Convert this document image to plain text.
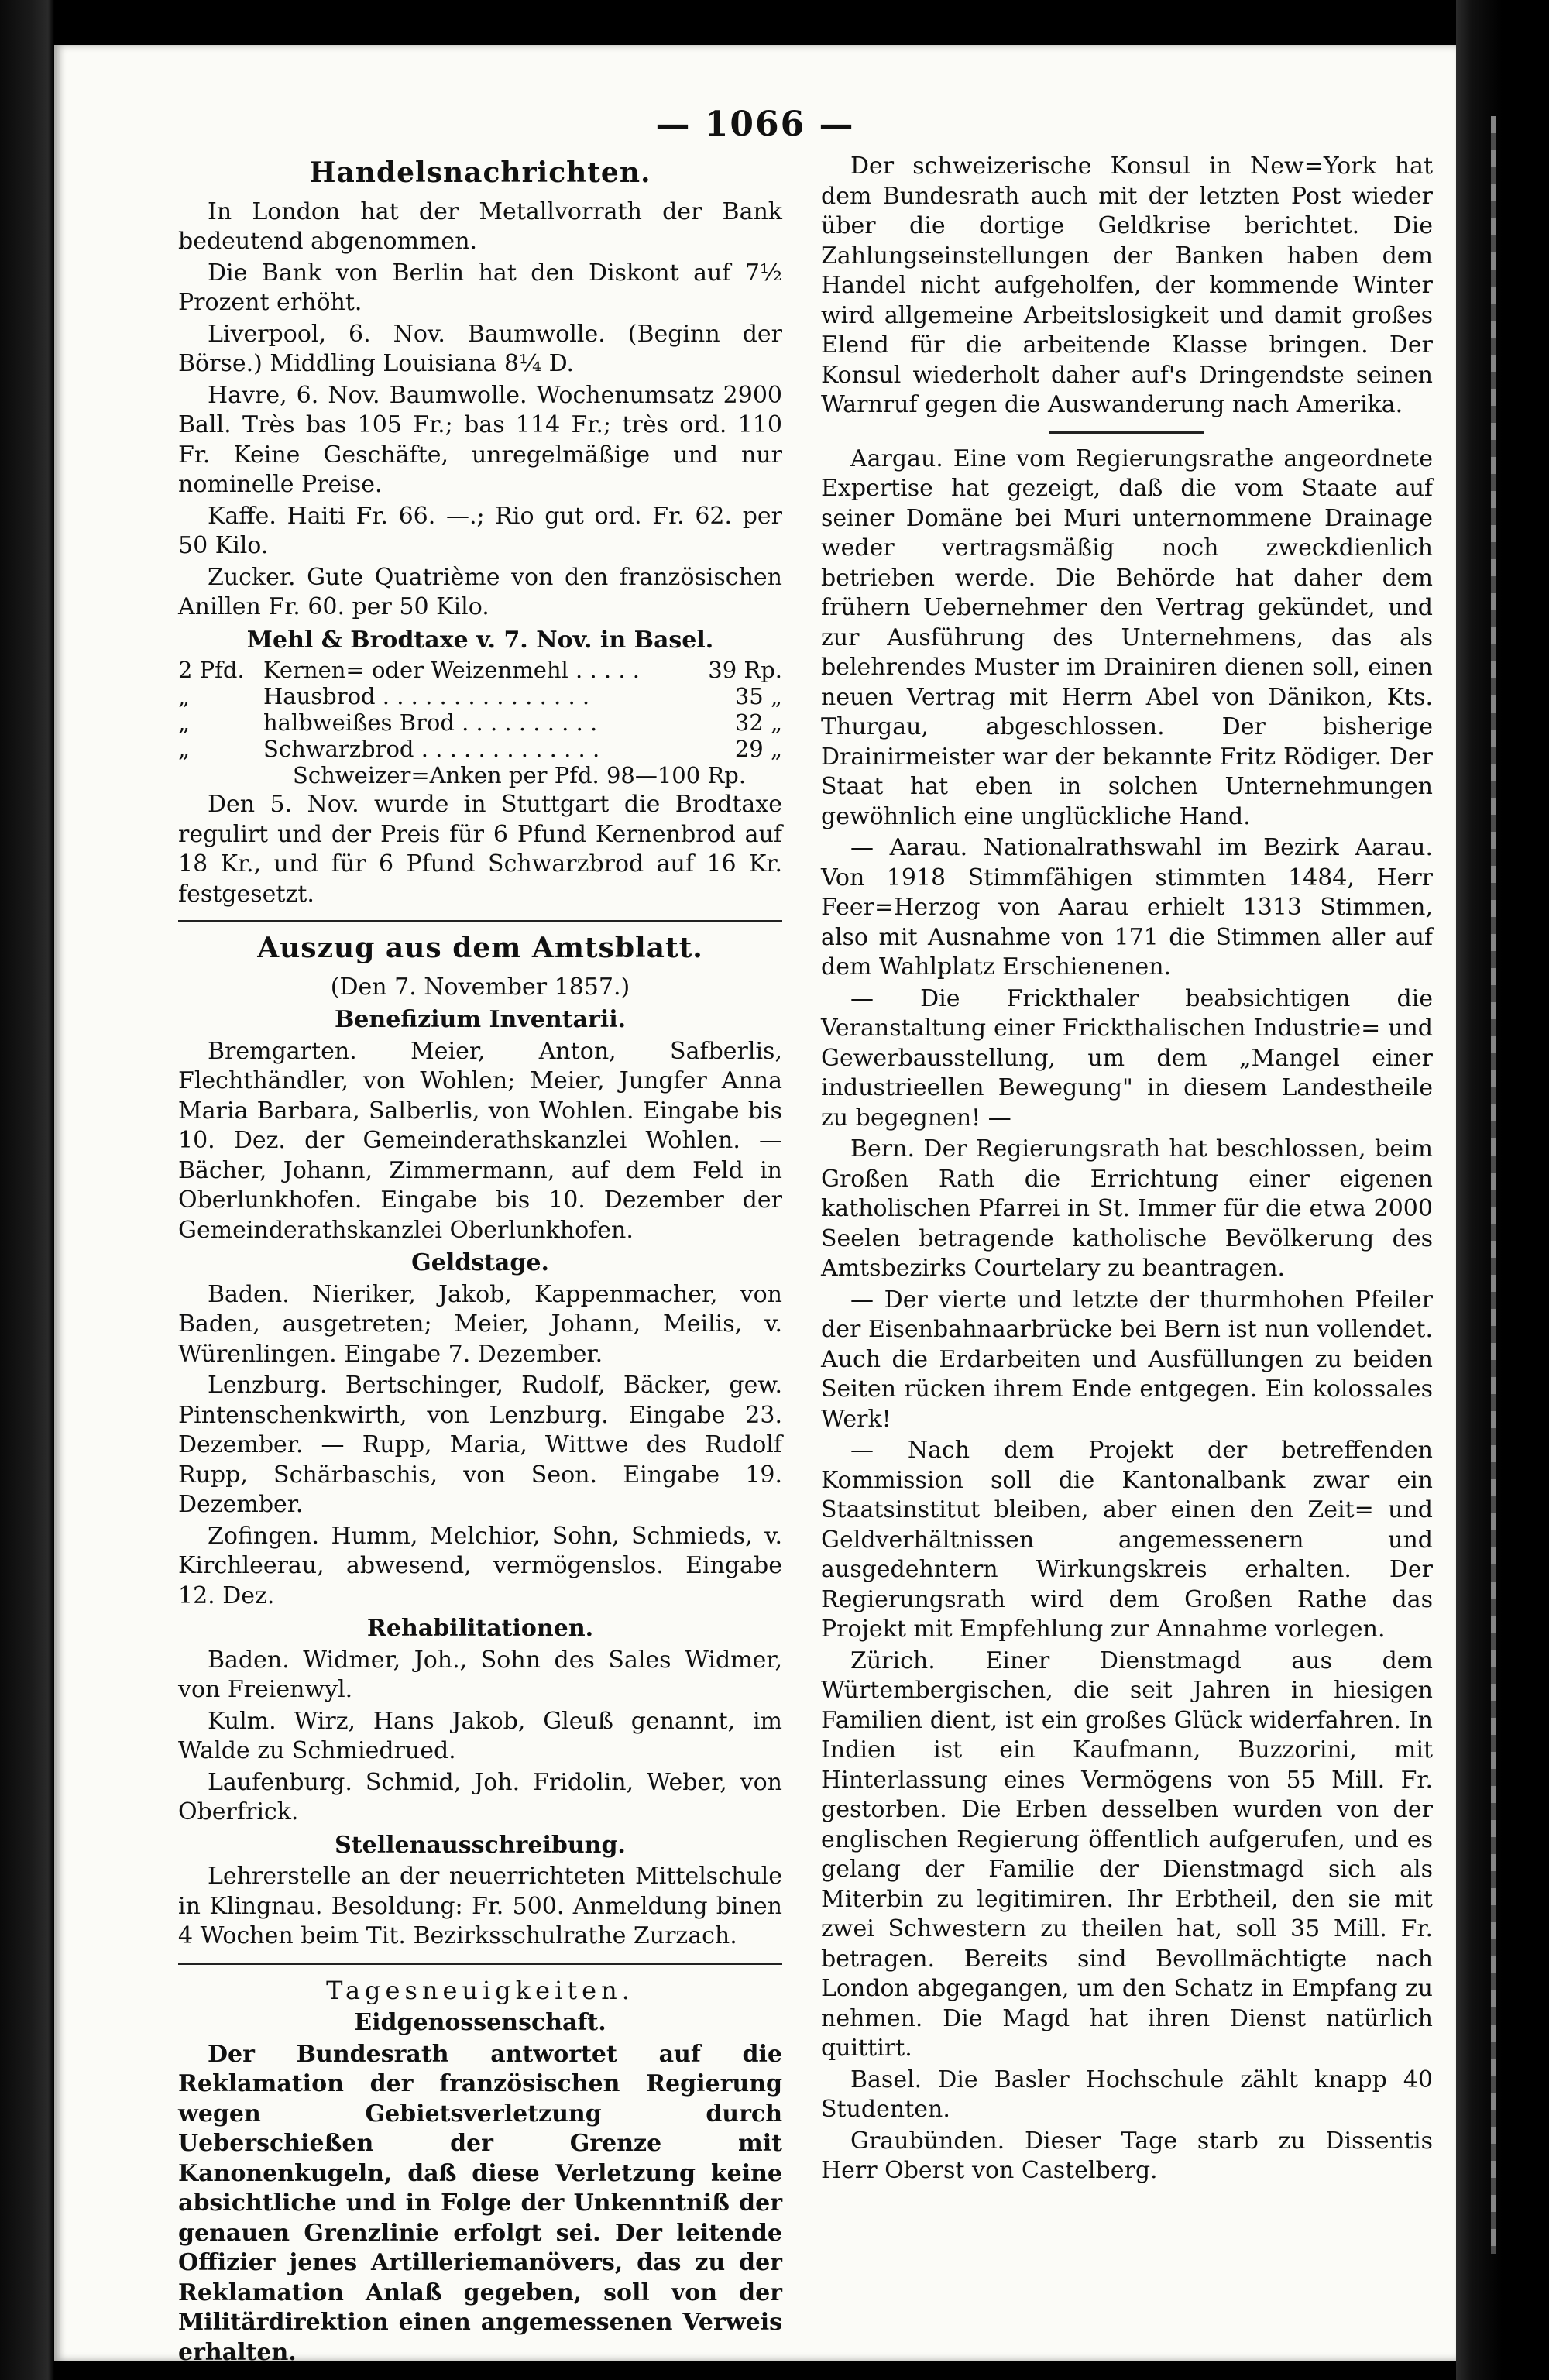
— 1066 —
Handelsnachrichten.

In London hat der Metallvorrath der Bank bedeutend abgenommen.

Die Bank von Berlin hat den Diskont auf 7½ Prozent erhöht.

Liverpool, 6. Nov. Baumwolle. (Beginn der Börse.) Middling Louisiana 8¼ D.

Havre, 6. Nov. Baumwolle. Wochenumsatz 2900 Ball. Très bas 105 Fr.; bas 114 Fr.; très ord. 110 Fr. Keine Geschäfte, unregelmäßige und nur nominelle Preise.

Kaffe. Haiti Fr. 66. —.; Rio gut ord. Fr. 62. per 50 Kilo.

Zucker. Gute Quatrième von den französischen Anillen Fr. 60. per 50 Kilo.

Mehl & Brodtaxe v. 7. Nov. in Basel.
2 Pfd.	Kernen= oder Weizenmehl . . . . .	39 Rp.
„	Hausbrod . . . . . . . . . . . . . . .	35 „
„	halbweißes Brod . . . . . . . . . .	32 „
„	Schwarzbrod . . . . . . . . . . . . .	29 „

Schweizer=Anken per Pfd. 98—100 Rp.

Den 5. Nov. wurde in Stuttgart die Brodtaxe regulirt und der Preis für 6 Pfund Kernenbrod auf 18 Kr., und für 6 Pfund Schwarzbrod auf 16 Kr. festgesetzt.

Auszug aus dem Amtsblatt.
(Den 7. November 1857.)
Benefizium Inventarii.

Bremgarten. Meier, Anton, Safberlis, Flechthändler, von Wohlen; Meier, Jungfer Anna Maria Barbara, Salberlis, von Wohlen. Eingabe bis 10. Dez. der Gemeinderathskanzlei Wohlen. — Bächer, Johann, Zimmermann, auf dem Feld in Oberlunkhofen. Eingabe bis 10. Dezember der Gemeinderathskanzlei Oberlunkhofen.

Geldstage.

Baden. Nieriker, Jakob, Kappenmacher, von Baden, ausgetreten; Meier, Johann, Meilis, v. Würenlingen. Eingabe 7. Dezember.

Lenzburg. Bertschinger, Rudolf, Bäcker, gew. Pintenschenkwirth, von Lenzburg. Eingabe 23. Dezember. — Rupp, Maria, Wittwe des Rudolf Rupp, Schärbaschis, von Seon. Eingabe 19. Dezember.

Zofingen. Humm, Melchior, Sohn, Schmieds, v. Kirchleerau, abwesend, vermögenslos. Eingabe 12. Dez.

Rehabilitationen.

Baden. Widmer, Joh., Sohn des Sales Widmer, von Freienwyl.

Kulm. Wirz, Hans Jakob, Gleuß genannt, im Walde zu Schmiedrued.

Laufenburg. Schmid, Joh. Fridolin, Weber, von Oberfrick.

Stellenausschreibung.

Lehrerstelle an der neuerrichteten Mittelschule in Klingnau. Besoldung: Fr. 500. Anmeldung binen 4 Wochen beim Tit. Bezirksschulrathe Zurzach.

Tagesneuigkeiten.
Eidgenossenschaft.

Der Bundesrath antwortet auf die Reklamation der französischen Regierung wegen Gebietsverletzung durch Ueberschießen der Grenze mit Kanonenkugeln, daß diese Verletzung keine absichtliche und in Folge der Unkenntniß der genauen Grenzlinie erfolgt sei. Der leitende Offizier jenes Artilleriemanövers, das zu der Reklamation Anlaß gegeben, soll von der Militärdirektion einen angemessenen Verweis erhalten.

Der schweizerische Konsul in New=York hat dem Bundesrath auch mit der letzten Post wieder über die dortige Geldkrise berichtet. Die Zahlungseinstellungen der Banken haben dem Handel nicht aufgeholfen, der kommende Winter wird allgemeine Arbeitslosigkeit und damit großes Elend für die arbeitende Klasse bringen. Der Konsul wiederholt daher auf's Dringendste seinen Warnruf gegen die Auswanderung nach Amerika.

Aargau. Eine vom Regierungsrathe angeordnete Expertise hat gezeigt, daß die vom Staate auf seiner Domäne bei Muri unternommene Drainage weder vertragsmäßig noch zweckdienlich betrieben werde. Die Behörde hat daher dem frühern Uebernehmer den Vertrag gekündet, und zur Ausführung des Unternehmens, das als belehrendes Muster im Drainiren dienen soll, einen neuen Vertrag mit Herrn Abel von Dänikon, Kts. Thurgau, abgeschlossen. Der bisherige Drainirmeister war der bekannte Fritz Rödiger. Der Staat hat eben in solchen Unternehmungen gewöhnlich eine unglückliche Hand.

— Aarau. Nationalrathswahl im Bezirk Aarau. Von 1918 Stimmfähigen stimmten 1484, Herr Feer=Herzog von Aarau erhielt 1313 Stimmen, also mit Ausnahme von 171 die Stimmen aller auf dem Wahlplatz Erschienenen.

— Die Frickthaler beabsichtigen die Veranstaltung einer Frickthalischen Industrie= und Gewerbausstellung, um dem „Mangel einer industrieellen Bewegung" in diesem Landestheile zu begegnen! —

Bern. Der Regierungsrath hat beschlossen, beim Großen Rath die Errichtung einer eigenen katholischen Pfarrei in St. Immer für die etwa 2000 Seelen betragende katholische Bevölkerung des Amtsbezirks Courtelary zu beantragen.

— Der vierte und letzte der thurmhohen Pfeiler der Eisenbahnaarbrücke bei Bern ist nun vollendet. Auch die Erdarbeiten und Ausfüllungen zu beiden Seiten rücken ihrem Ende entgegen. Ein kolossales Werk!

— Nach dem Projekt der betreffenden Kommission soll die Kantonalbank zwar ein Staatsinstitut bleiben, aber einen den Zeit= und Geldverhältnissen angemessenern und ausgedehntern Wirkungskreis erhalten. Der Regierungsrath wird dem Großen Rathe das Projekt mit Empfehlung zur Annahme vorlegen.

Zürich. Einer Dienstmagd aus dem Würtembergischen, die seit Jahren in hiesigen Familien dient, ist ein großes Glück widerfahren. In Indien ist ein Kaufmann, Buzzorini, mit Hinterlassung eines Vermögens von 55 Mill. Fr. gestorben. Die Erben desselben wurden von der englischen Regierung öffentlich aufgerufen, und es gelang der Familie der Dienstmagd sich als Miterbin zu legitimiren. Ihr Erbtheil, den sie mit zwei Schwestern zu theilen hat, soll 35 Mill. Fr. betragen. Bereits sind Bevollmächtigte nach London abgegangen, um den Schatz in Empfang zu nehmen. Die Magd hat ihren Dienst natürlich quittirt.

Basel. Die Basler Hochschule zählt knapp 40 Studenten.

Graubünden. Dieser Tage starb zu Dissentis Herr Oberst von Castelberg.
